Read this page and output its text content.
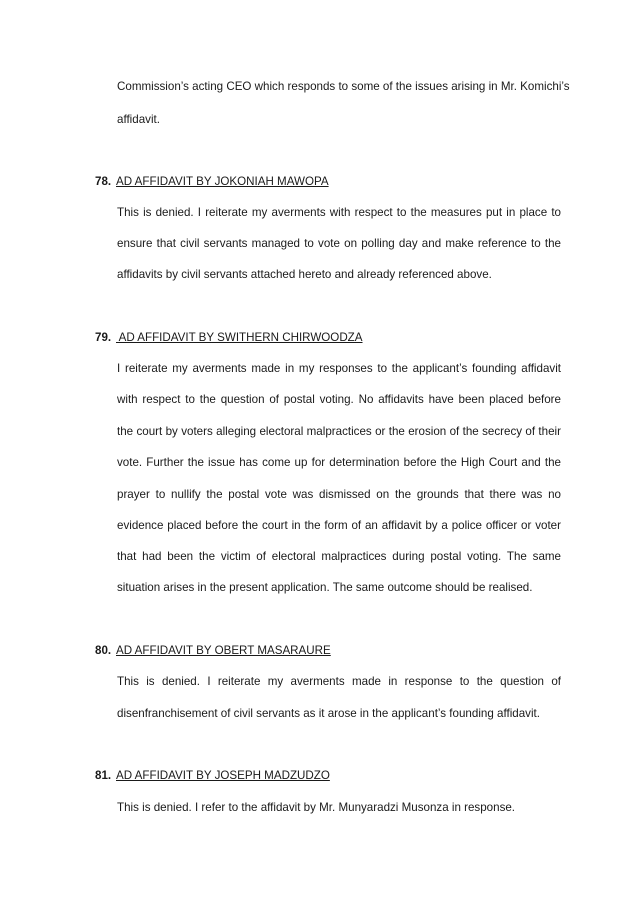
Commission’s acting CEO which responds to some of the issues arising in Mr. Komichi’s
affidavit.
78. AD AFFIDAVIT BY JOKONIAH MAWOPA
This is denied. I reiterate my averments with respect to the measures put in place to
ensure that civil servants managed to vote on polling day and make reference to the
affidavits by civil servants attached hereto and already referenced above.
79. AD AFFIDAVIT BY SWITHERN CHIRWOODZA
I reiterate my averments made in my responses to the applicant’s founding affidavit
with respect to the question of postal voting. No affidavits have been placed before
the court by voters alleging electoral malpractices or the erosion of the secrecy of their
vote. Further the issue has come up for determination before the High Court and the
prayer to nullify the postal vote was dismissed on the grounds that there was no
evidence placed before the court in the form of an affidavit by a police officer or voter
that had been the victim of electoral malpractices during postal voting. The same
situation arises in the present application. The same outcome should be realised.
80. AD AFFIDAVIT BY OBERT MASARAURE
This is denied. I reiterate my averments made in response to the question of
disenfranchisement of civil servants as it arose in the applicant’s founding affidavit.
81. AD AFFIDAVIT BY JOSEPH MADZUDZO
This is denied. I refer to the affidavit by Mr. Munyaradzi Musonza in response.
